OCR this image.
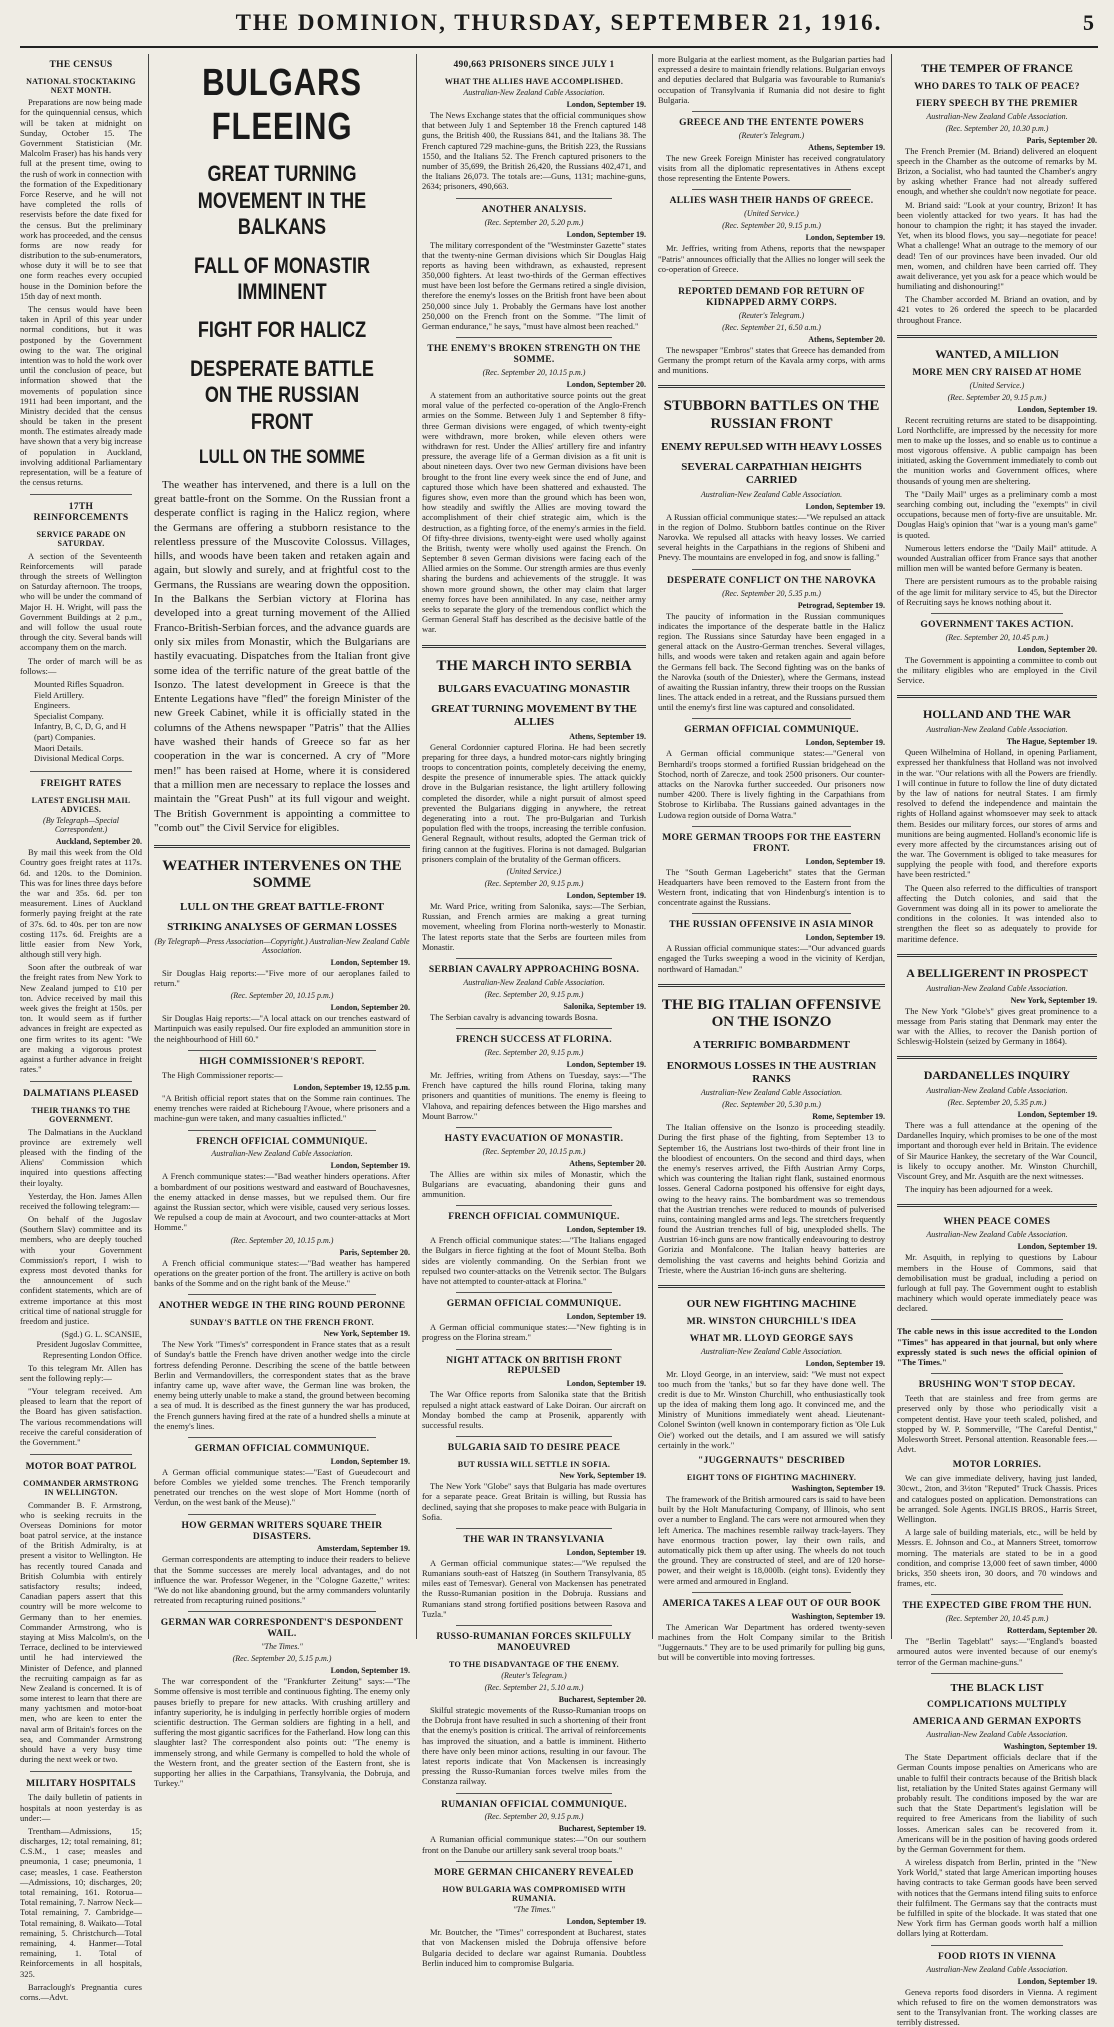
THE DOMINION, THURSDAY, SEPTEMBER 21, 1916.	5
THE CENSUS
NATIONAL STOCKTAKING NEXT MONTH.
Preparations are now being made for the quinquennial census, which will be taken at midnight on Sunday, October 15. The Government Statistician (Mr. Malcolm Fraser) has his hands very full at the present time, owing to the rush of work in connection with the formation of the Expeditionary Force Reserve, and he will not have completed the rolls of reservists before the date fixed for the census. But the preliminary work has proceeded, and the census forms are now ready for distribution to the sub-enumerators, whose duty it will be to see that one form reaches every occupied house in the Dominion before the 15th day of next month.
The census would have been taken in April of this year under normal conditions, but it was postponed by the Government owing to the war. The original intention was to hold the work over until the conclusion of peace, but information showed that the movements of population since 1911 had been important, and the Ministry decided that the census should be taken in the present month. The estimates already made have shown that a very big increase of population in Auckland, involving additional Parliamentary representation, will be a feature of the census returns.
17TH REINFORCEMENTS
SERVICE PARADE ON SATURDAY.
A section of the Seventeenth Reinforcements will parade through the streets of Wellington on Saturday afternoon. The troops, who will be under the command of Major H. H. Wright, will pass the Government Buildings at 2 p.m., and will follow the usual route through the city. Several bands will accompany them on the march.
The order of march will be as follows:—
Mounted Rifles Squadron.
Field Artillery.
Engineers.
Specialist Company.
Infantry, B, C, D, G, and H (part) Companies.
Maori Details.
Divisional Medical Corps.
FREIGHT RATES
LATEST ENGLISH MAIL ADVICES.
(By Telegraph—Special Correspondent.)
Auckland, September 20.
By mail this week from the Old Country goes freight rates at 117s. 6d. and 120s. to the Dominion. This was for lines three days before the war and 35s. 6d. per ton measurement. Lines of Auckland formerly paying freight at the rate of 37s. 6d. to 40s. per ton are now costing 117s. 6d. Freights are a little easier from New York, although still very high.
Soon after the outbreak of war the freight rates from New York to New Zealand jumped to £10 per ton. Advice received by mail this week gives the freight at 150s. per ton. It would seem as if further advances in freight are expected as one firm writes to its agent: "We are making a vigorous protest against a further advance in freight rates."
DALMATIANS PLEASED
THEIR THANKS TO THE GOVERNMENT.
The Dalmatians in the Auckland province are extremely well pleased with the finding of the Aliens' Commission which inquired into questions affecting their loyalty.
Yesterday, the Hon. James Allen received the following telegram:—
On behalf of the Jugoslav (Southern Slav) committee and its members, who are deeply touched with your Government Commission's report, I wish to express most devoted thanks for the announcement of such confident statements, which are of extreme importance at this most critical time of national struggle for freedom and justice.
(Sgd.) G. L. SCANSIE, President Jugoslav Committee, Representing London Office.
To this telegram Mr. Allen has sent the following reply:—
"Your telegram received. Am pleased to learn that the report of the Board has given satisfaction. The various recommendations will receive the careful consideration of the Government."
MOTOR BOAT PATROL
COMMANDER ARMSTRONG IN WELLINGTON.
Commander B. F. Armstrong, who is seeking recruits in the Overseas Dominions for motor boat patrol service, at the instance of the British Admiralty, is at present a visitor to Wellington. He has recently toured Canada and British Columbia with entirely satisfactory results; indeed, Canadian papers assert that this country will be more welcome to Germany than to her enemies. Commander Armstrong, who is staying at Miss Malcolm's, on the Terrace, declined to be interviewed until he had interviewed the Minister of Defence, and planned the recruiting campaign as far as New Zealand is concerned. It is of some interest to learn that there are many yachtsmen and motor-boat men, who are keen to enter the naval arm of Britain's forces on the sea, and Commander Armstrong should have a very busy time during the next week or two.
MILITARY HOSPITALS
The daily bulletin of patients in hospitals at noon yesterday is as under:—
Trentham—Admissions, 15; discharges, 12; total remaining, 81; C.S.M., 1 case; measles and pneumonia, 1 case; pneumonia, 1 case; measles, 1 case. Featherston—Admissions, 10; discharges, 20; total remaining, 161. Rotorua—Total remaining, 7. Narrow Neck—Total remaining, 7. Cambridge—Total remaining, 8. Waikato—Total remaining, 5. Christchurch—Total remaining, 4. Hanmer—Total remaining, 1. Total of Reinforcements in all hospitals, 325.
Barraclough's Pregnantia cures corns.—Advt.
BULGARS FLEEING
GREAT TURNING MOVEMENT IN THE BALKANS
FALL OF MONASTIR IMMINENT
FIGHT FOR HALICZ
DESPERATE BATTLE ON THE RUSSIAN FRONT
LULL ON THE SOMME
The weather has intervened, and there is a lull on the great battle-front on the Somme. On the Russian front a desperate conflict is raging in the Halicz region, where the Germans are offering a stubborn resistance to the relentless pressure of the Muscovite Colossus. Villages, hills, and woods have been taken and retaken again and again, but slowly and surely, and at frightful cost to the Germans, the Russians are wearing down the opposition. In the Balkans the Serbian victory at Florina has developed into a great turning movement of the Allied Franco-British-Serbian forces, and the advance guards are only six miles from Monastir, which the Bulgarians are hastily evacuating. Dispatches from the Italian front give some idea of the terrific nature of the great battle of the Isonzo. The latest development in Greece is that the Entente Legations have "fled" the foreign Minister of the new Greek Cabinet, while it is officially stated in the columns of the Athens newspaper "Patris" that the Allies have washed their hands of Greece so far as her cooperation in the war is concerned. A cry of "More men!" has been raised at Home, where it is considered that a million men are necessary to replace the losses and maintain the "Great Push" at its full vigour and weight. The British Government is appointing a committee to "comb out" the Civil Service for eligibles.
WEATHER INTERVENES ON THE SOMME
LULL ON THE GREAT BATTLE-FRONT
STRIKING ANALYSES OF GERMAN LOSSES
(By Telegraph—Press Association—Copyright.) Australian-New Zealand Cable Association.
London, September 19.
Sir Douglas Haig reports:—"Five more of our aeroplanes failed to return."
(Rec. September 20, 10.15 p.m.)
London, September 20.
Sir Douglas Haig reports:—"A local attack on our trenches eastward of Martinpuich was easily repulsed. Our fire exploded an ammunition store in the neighbourhood of Hill 60."
HIGH COMMISSIONER'S REPORT.
The High Commissioner reports:—
London, September 19, 12.55 p.m.
"A British official report states that on the Somme rain continues. The enemy trenches were raided at Richebourg l'Avoue, where prisoners and a machine-gun were taken, and many casualties inflicted."
FRENCH OFFICIAL COMMUNIQUE.
Australian-New Zealand Cable Association.
London, September 19.
A French communique states:—"Bad weather hinders operations. After a bombardment of our positions westward and eastward of Bouchavesnes, the enemy attacked in dense masses, but we repulsed them. Our fire against the Russian sector, which were visible, caused very serious losses. We repulsed a coup de main at Avocourt, and two counter-attacks at Mort Homme."
(Rec. September 20, 10.15 p.m.)
Paris, September 20.
A French official communique states:—"Bad weather has hampered operations on the greater portion of the front. The artillery is active on both banks of the Somme and on the right bank of the Meuse."
ANOTHER WEDGE IN THE RING ROUND PERONNE
SUNDAY'S BATTLE ON THE FRENCH FRONT.
New York, September 19.
The New York "Times's" correspondent in France states that as a result of Sunday's battle the French have driven another wedge into the circle fortress defending Peronne. Describing the scene of the battle between Berlin and Vermandovillers, the correspondent states that as the brave infantry came up, wave after wave, the German line was broken, the enemy being utterly unable to make a stand, the ground between becoming a sea of mud. It is described as the finest gunnery the war has produced, the French gunners having fired at the rate of a hundred shells a minute at the enemy's lines.
GERMAN OFFICIAL COMMUNIQUE.
London, September 19.
A German official communique states:—"East of Gueudecourt and before Combles we yielded some trenches. The French temporarily penetrated our trenches on the west slope of Mort Homme (north of Verdun, on the west bank of the Meuse)."
HOW GERMAN WRITERS SQUARE THEIR DISASTERS.
Amsterdam, September 19.
German correspondents are attempting to induce their readers to believe that the Somme successes are merely local advantages, and do not influence the war. Professor Wegener, in the "Cologne Gazette," writes: "We do not like abandoning ground, but the army commanders voluntarily retreated from recapturing ruined positions."
GERMAN WAR CORRESPONDENT'S DESPONDENT WAIL.
"The Times."
(Rec. September 20, 5.15 p.m.)
London, September 19.
The war correspondent of the "Frankfurter Zeitung" says:—"The Somme offensive is most terrible and continuous fighting. The enemy only pauses briefly to prepare for new attacks. With crushing artillery and infantry superiority, he is indulging in perfectly horrible orgies of modern scientific destruction. The German soldiers are fighting in a hell, and suffering the most gigantic sacrifices for the Fatherland. How long can this slaughter last? The correspondent also points out: "The enemy is immensely strong, and while Germany is compelled to hold the whole of the Western front, and the greater section of the Eastern front, she is supporting her allies in the Carpathians, Transylvania, the Dobruja, and Turkey."
490,663 PRISONERS SINCE JULY 1
WHAT THE ALLIES HAVE ACCOMPLISHED.
Australian-New Zealand Cable Association.
London, September 19.
The News Exchange states that the official communiques show that between July 1 and September 18 the French captured 148 guns, the British 400, the Russians 841, and the Italians 38. The French captured 729 machine-guns, the British 223, the Russians 1550, and the Italians 52. The French captured prisoners to the number of 35,699, the British 26,420, the Russians 402,471, and the Italians 26,073. The totals are:—Guns, 1131; machine-guns, 2634; prisoners, 490,663.
ANOTHER ANALYSIS.
(Rec. September 20, 5.20 p.m.)
London, September 19.
The military correspondent of the "Westminster Gazette" states that the twenty-nine German divisions which Sir Douglas Haig reports as having been withdrawn, as exhausted, represent 350,000 fighters. At least two-thirds of the German effectives must have been lost before the Germans retired a single division, therefore the enemy's losses on the British front have been about 250,000 since July 1. Probably the Germans have lost another 250,000 on the French front on the Somme. "The limit of German endurance," he says, "must have almost been reached."
THE ENEMY'S BROKEN STRENGTH ON THE SOMME.
(Rec. September 20, 10.15 p.m.)
London, September 20.
A statement from an authoritative source points out the great moral value of the perfected co-operation of the Anglo-French armies on the Somme. Between July 1 and September 8 fifty-three German divisions were engaged, of which twenty-eight were withdrawn, more broken, while eleven others were withdrawn for rest. Under the Allies' artillery fire and infantry pressure, the average life of a German division as a fit unit is about nineteen days. Over two new German divisions have been brought to the front line every week since the end of June, and captured those which have been shattered and exhausted. The figures show, even more than the ground which has been won, how steadily and swiftly the Allies are moving toward the accomplishment of their chief strategic aim, which is the destruction, as a fighting force, of the enemy's armies in the field. Of fifty-three divisions, twenty-eight were used wholly against the British, twenty were wholly used against the French. On September 8 seven German divisions were facing each of the Allied armies on the Somme. Our strength armies are thus evenly sharing the burdens and achievements of the struggle. It was shown more ground shown, the other may claim that larger enemy forces have been annihilated. In any case, neither army seeks to separate the glory of the tremendous conflict which the German General Staff has described as the decisive battle of the war.
THE MARCH INTO SERBIA
BULGARS EVACUATING MONASTIR
GREAT TURNING MOVEMENT BY THE ALLIES
Athens, September 19.
General Cordonnier captured Florina. He had been secretly preparing for three days, a hundred motor-cars nightly bringing troops to concentration points, completely deceiving the enemy, despite the presence of innumerable spies. The attack quickly drove in the Bulgarian resistance, the light artillery following completed the disorder, while a night pursuit of almost speed prevented the Bulgarians digging in anywhere, the retreat degenerating into a rout. The pro-Bulgarian and Turkish population fled with the troops, increasing the terrible confusion. General Regnault, without results, adopted the German trick of firing cannon at the fugitives. Florina is not damaged. Bulgarian prisoners complain of the brutality of the German officers.
(United Service.)
(Rec. September 20, 9.15 p.m.)
London, September 19.
Mr. Ward Price, writing from Salonika, says:—The Serbian, Russian, and French armies are making a great turning movement, wheeling from Florina north-westerly to Monastir. The latest reports state that the Serbs are fourteen miles from Monastir.
SERBIAN CAVALRY APPROACHING BOSNA.
Australian-New Zealand Cable Association.
(Rec. September 20, 9.15 p.m.)
Salonika, September 19.
The Serbian cavalry is advancing towards Bosna.
FRENCH SUCCESS AT FLORINA.
(Rec. September 20, 9.15 p.m.)
London, September 19.
Mr. Jeffries, writing from Athens on Tuesday, says:—"The French have captured the hills round Florina, taking many prisoners and quantities of munitions. The enemy is fleeing to Vlahova, and repairing defences between the Higo marshes and Mount Barrow."
HASTY EVACUATION OF MONASTIR.
(Rec. September 20, 10.15 p.m.)
Athens, September 20.
The Allies are within six miles of Monastir, which the Bulgarians are evacuating, abandoning their guns and ammunition.
FRENCH OFFICIAL COMMUNIQUE.
London, September 19.
A French official communique states:—"The Italians engaged the Bulgars in fierce fighting at the foot of Mount Stelba. Both sides are violently commanding. On the Serbian front we repulsed two counter-attacks on the Vetrenik sector. The Bulgars have not attempted to counter-attack at Florina."
GERMAN OFFICIAL COMMUNIQUE.
London, September 19.
A German official communique states:—"New fighting is in progress on the Florina stream."
NIGHT ATTACK ON BRITISH FRONT REPULSED
London, September 19.
The War Office reports from Salonika state that the British repulsed a night attack eastward of Lake Doiran. Our aircraft on Monday bombed the camp at Prosenik, apparently with successful results.
BULGARIA SAID TO DESIRE PEACE
BUT RUSSIA WILL SETTLE IN SOFIA.
New York, September 19.
The New York "Globe" says that Bulgaria has made overtures for a separate peace. Great Britain is willing, but Russia has declined, saying that she proposes to make peace with Bulgaria in Sofia.
THE WAR IN TRANSYLVANIA
London, September 19.
A German official communique states:—"We repulsed the Rumanians south-east of Hatszeg (in Southern Transylvania, 85 miles east of Temesvar). General von Mackensen has penetrated the Russo-Rumanian position in the Dobruja. Russians and Rumanians stand strong fortified positions between Rasova and Tuzla."
RUSSO-RUMANIAN FORCES SKILFULLY MANOEUVRED
TO THE DISADVANTAGE OF THE ENEMY.
(Reuter's Telegram.)
(Rec. September 21, 5.10 a.m.)
Bucharest, September 20.
Skilful strategic movements of the Russo-Rumanian troops on the Dobruja front have resulted in such a shortening of their front that the enemy's position is critical. The arrival of reinforcements has improved the situation, and a battle is imminent. Hitherto there have only been minor actions, resulting in our favour. The latest reports indicate that Von Mackensen is increasingly pressing the Russo-Rumanian forces twelve miles from the Constanza railway.
RUMANIAN OFFICIAL COMMUNIQUE.
(Rec. September 20, 9.15 p.m.)
Bucharest, September 19.
A Rumanian official communique states:—"On our southern front on the Danube our artillery sank several troop boats."
MORE GERMAN CHICANERY REVEALED
HOW BULGARIA WAS COMPROMISED WITH RUMANIA.
"The Times."
London, September 19.
Mr. Boutcher, the "Times" correspondent at Bucharest, states that von Mackensen misled the Dobruja offensive before Bulgaria decided to declare war against Rumania. Doubtless Berlin induced him to compromise Bulgaria.
more Bulgaria at the earliest moment, as the Bulgarian parties had expressed a desire to maintain friendly relations. Bulgarian envoys and deputies declared that Bulgaria was favourable to Rumania's occupation of Transylvania if Rumania did not desire to fight Bulgaria.
GREECE AND THE ENTENTE POWERS
(Reuter's Telegram.)
Athens, September 19.
The new Greek Foreign Minister has received congratulatory visits from all the diplomatic representatives in Athens except those representing the Entente Powers.
ALLIES WASH THEIR HANDS OF GREECE.
(United Service.)
(Rec. September 20, 9.15 p.m.)
London, September 19.
Mr. Jeffries, writing from Athens, reports that the newspaper "Patris" announces officially that the Allies no longer will seek the co-operation of Greece.
REPORTED DEMAND FOR RETURN OF KIDNAPPED ARMY CORPS.
(Reuter's Telegram.)
(Rec. September 21, 6.50 a.m.)
Athens, September 20.
The newspaper "Embros" states that Greece has demanded from Germany the prompt return of the Kavala army corps, with arms and munitions.
STUBBORN BATTLES ON THE RUSSIAN FRONT
ENEMY REPULSED WITH HEAVY LOSSES
SEVERAL CARPATHIAN HEIGHTS CARRIED
Australian-New Zealand Cable Association.
London, September 19.
A Russian official communique states:—"We repulsed an attack in the region of Dolmo. Stubborn battles continue on the River Narovka. We repulsed all attacks with heavy losses. We carried several heights in the Carpathians in the regions of Shibeni and Pnevy. The mountains are enveloped in fog, and snow is falling."
DESPERATE CONFLICT ON THE NAROVKA
(Rec. September 20, 5.35 p.m.)
Petrograd, September 19.
The paucity of information in the Russian communiques indicates the importance of the desperate battle in the Halicz region. The Russians since Saturday have been engaged in a general attack on the Austro-German trenches. Several villages, hills, and woods were taken and retaken again and again before the Germans fell back. The Second fighting was on the banks of the Narovka (south of the Dniester), where the Germans, instead of awaiting the Russian infantry, threw their troops on the Russian lines. The attack ended in a retreat, and the Russians pursued them until the enemy's first line was captured and consolidated.
GERMAN OFFICIAL COMMUNIQUE.
London, September 19.
A German official communique states:—"General von Bernhardi's troops stormed a fortified Russian bridgehead on the Stochod, north of Zarecze, and took 2500 prisoners. Our counter-attacks on the Narovka further succeeded. Our prisoners now number 4200. There is lively fighting in the Carpathians from Stobrose to Kirlibaba. The Russians gained advantages in the Ludowa region outside of Dorna Watra."
MORE GERMAN TROOPS FOR THE EASTERN FRONT.
London, September 19.
The "South German Lagebericht" states that the German Headquarters have been removed to the Eastern front from the Western front, indicating that von Hindenburg's intention is to concentrate against the Russians.
THE RUSSIAN OFFENSIVE IN ASIA MINOR
London, September 19.
A Russian official communique states:—"Our advanced guards engaged the Turks sweeping a wood in the vicinity of Kerdjan, northward of Hamadan."
THE BIG ITALIAN OFFENSIVE ON THE ISONZO
A TERRIFIC BOMBARDMENT
ENORMOUS LOSSES IN THE AUSTRIAN RANKS
Australian-New Zealand Cable Association.
(Rec. September 20, 5.30 p.m.)
Rome, September 19.
The Italian offensive on the Isonzo is proceeding steadily. During the first phase of the fighting, from September 13 to September 16, the Austrians lost two-thirds of their front line in the bloodiest of encounters. On the second and third days, when the enemy's reserves arrived, the Fifth Austrian Army Corps, which was countering the Italian right flank, sustained enormous losses. General Cadorna postponed his offensive for eight days, owing to the heavy rains. The bombardment was so tremendous that the Austrian trenches were reduced to mounds of pulverised ruins, containing mangled arms and legs. The stretchers frequently found the Austrian trenches full of big, unexploded shells. The Austrian 16-inch guns are now frantically endeavouring to destroy Gorizia and Monfalcone. The Italian heavy batteries are demolishing the vast caverns and heights behind Gorizia and Trieste, where the Austrian 16-inch guns are sheltering.
OUR NEW FIGHTING MACHINE
MR. WINSTON CHURCHILL'S IDEA
WHAT MR. LLOYD GEORGE SAYS
Australian-New Zealand Cable Association.
London, September 19.
Mr. Lloyd George, in an interview, said: "We must not expect too much from the 'tanks,' but so far they have done well. The credit is due to Mr. Winston Churchill, who enthusiastically took up the idea of making them long ago. It convinced me, and the Ministry of Munitions immediately went ahead. Lieutenant-Colonel Swinton (well known in contemporary fiction as 'Ole Luk Oie') worked out the details, and I am assured we will satisfy certainly in the work."
"JUGGERNAUTS" DESCRIBED
EIGHT TONS OF FIGHTING MACHINERY.
Washington, September 19.
The framework of the British armoured cars is said to have been built by the Holt Manufacturing Company, of Illinois, who sent over a number to England. The cars were not armoured when they left America. The machines resemble railway track-layers. They have enormous traction power, lay their own rails, and automatically pick them up after using. The wheels do not touch the ground. They are constructed of steel, and are of 120 horse-power, and their weight is 18,000lb. (eight tons). Evidently they were armed and armoured in England.
AMERICA TAKES A LEAF OUT OF OUR BOOK
Washington, September 19.
The American War Department has ordered twenty-seven machines from the Holt Company similar to the British "Juggernauts." They are to be used primarily for pulling big guns, but will be convertible into moving fortresses.
THE TEMPER OF FRANCE
WHO DARES TO TALK OF PEACE?
FIERY SPEECH BY THE PREMIER
Australian-New Zealand Cable Association.
(Rec. September 20, 10.30 p.m.)
Paris, September 20.
The French Premier (M. Briand) delivered an eloquent speech in the Chamber as the outcome of remarks by M. Brizon, a Socialist, who had taunted the Chamber's angry by asking whether France had not already suffered enough, and whether she couldn't now negotiate for peace.
M. Briand said: "Look at your country, Brizon! It has been violently attacked for two years. It has had the honour to champion the right; it has stayed the invader. Yet, when its blood flows, you say—negotiate for peace! What a challenge! What an outrage to the memory of our dead! Ten of our provinces have been invaded. Our old men, women, and children have been carried off. They await deliverance, yet you ask for a peace which would be humiliating and dishonouring!"
The Chamber accorded M. Briand an ovation, and by 421 votes to 26 ordered the speech to be placarded throughout France.
WANTED, A MILLION
MORE MEN CRY RAISED AT HOME
(United Service.)
(Rec. September 20, 9.15 p.m.)
London, September 19.
Recent recruiting returns are stated to be disappointing. Lord Northcliffe, are impressed by the necessity for more men to make up the losses, and so enable us to continue a most vigorous offensive. A public campaign has been initiated, asking the Government immediately to comb out the munition works and Government offices, where thousands of young men are sheltering.
The "Daily Mail" urges as a preliminary comb a most searching combing out, including the "exempts" in civil occupations, because men of forty-five are unsuitable. Mr. Douglas Haig's opinion that "war is a young man's game" is quoted.
Numerous letters endorse the "Daily Mail" attitude. A wounded Australian officer from France says that another million men will be wanted before Germany is beaten.
There are persistent rumours as to the probable raising of the age limit for military service to 45, but the Director of Recruiting says he knows nothing about it.
GOVERNMENT TAKES ACTION.
(Rec. September 20, 10.45 p.m.)
London, September 20.
The Government is appointing a committee to comb out the military eligibles who are employed in the Civil Service.
HOLLAND AND THE WAR
Australian-New Zealand Cable Association.
The Hague, September 19.
Queen Wilhelmina of Holland, in opening Parliament, expressed her thankfulness that Holland was not involved in the war. "Our relations with all the Powers are friendly. I will continue in future to follow the line of duty dictated by the law of nations for neutral States. I am firmly resolved to defend the independence and maintain the rights of Holland against whomsoever may seek to attack them. Besides our military forces, our stores of arms and munitions are being augmented. Holland's economic life is every more affected by the circumstances arising out of the war. The Government is obliged to take measures for supplying the people with food, and therefore exports have been restricted."
The Queen also referred to the difficulties of transport affecting the Dutch colonies, and said that the Government was doing all in its power to ameliorate the conditions in the colonies. It was intended also to strengthen the fleet so as adequately to provide for maritime defence.
A BELLIGERENT IN PROSPECT
Australian-New Zealand Cable Association.
New York, September 19.
The New York "Globe's" gives great prominence to a message from Paris stating that Denmark may enter the war with the Allies, to recover the Danish portion of Schleswig-Holstein (seized by Germany in 1864).
DARDANELLES INQUIRY
Australian-New Zealand Cable Association.
(Rec. September 20, 5.35 p.m.)
London, September 19.
There was a full attendance at the opening of the Dardanelles Inquiry, which promises to be one of the most important and thorough ever held in Britain. The evidence of Sir Maurice Hankey, the secretary of the War Council, is likely to occupy another. Mr. Winston Churchill, Viscount Grey, and Mr. Asquith are the next witnesses.
The inquiry has been adjourned for a week.
WHEN PEACE COMES
Australian-New Zealand Cable Association.
London, September 19.
Mr. Asquith, in replying to questions by Labour members in the House of Commons, said that demobilisation must be gradual, including a period on furlough at full pay. The Government ought to establish machinery which would operate immediately peace was declared.
The cable news in this issue accredited to the London "Times" has appeared in that journal, but only where expressly stated is such news the official opinion of "The Times."
BRUSHING WON'T STOP DECAY.
Teeth that are stainless and free from germs are preserved only by those who periodically visit a competent dentist. Have your teeth scaled, polished, and stopped by W. P. Sommerville, "The Careful Dentist," Molesworth Street. Personal attention. Reasonable fees.—Advt.
MOTOR LORRIES.
We can give immediate delivery, having just landed, 30cwt., 2ton, and 3½ton "Reputed" Truck Chassis. Prices and catalogues posted on application. Demonstrations can be arranged. Sole Agents. INGLIS BROS., Harris Street, Wellington.
A large sale of building materials, etc., will be held by Messrs. E. Johnson and Co., at Manners Street, tomorrow morning. The materials are stated to be in a good condition, and comprise 13,000 feet of sawn timber, 4000 bricks, 350 sheets iron, 30 doors, and 70 windows and frames, etc.
THE EXPECTED GIBE FROM THE HUN.
(Rec. September 20, 10.45 p.m.)
Rotterdam, September 20.
The "Berlin Tageblatt" says:—"England's boasted armoured autos were invented because of our enemy's terror of the German machine-guns."
THE BLACK LIST
COMPLICATIONS MULTIPLY
AMERICA AND GERMAN EXPORTS
Australian-New Zealand Cable Association.
Washington, September 19.
The State Department officials declare that if the German Counts impose penalties on Americans who are unable to fulfil their contracts because of the British black list, retaliation by the United States against Germany will probably result. The conditions imposed by the war are such that the State Department's legislation will be required to free Americans from the liability of such losses. American sales can be recovered from it. Americans will be in the position of having goods ordered by the German Government for them.
A wireless dispatch from Berlin, printed in the "New York World," stated that large American importing houses having contracts to take German goods have been served with notices that the Germans intend filing suits to enforce their fulfilment. The Germans say that the contracts must be fulfilled in spite of the blockade. It was stated that one New York firm has German goods worth half a million dollars lying at Rotterdam.
FOOD RIOTS IN VIENNA
Australian-New Zealand Cable Association.
London, September 19.
Geneva reports food disorders in Vienna. A regiment which refused to fire on the women demonstrators was sent to the Transylvanian front. The working classes are terribly distressed.
